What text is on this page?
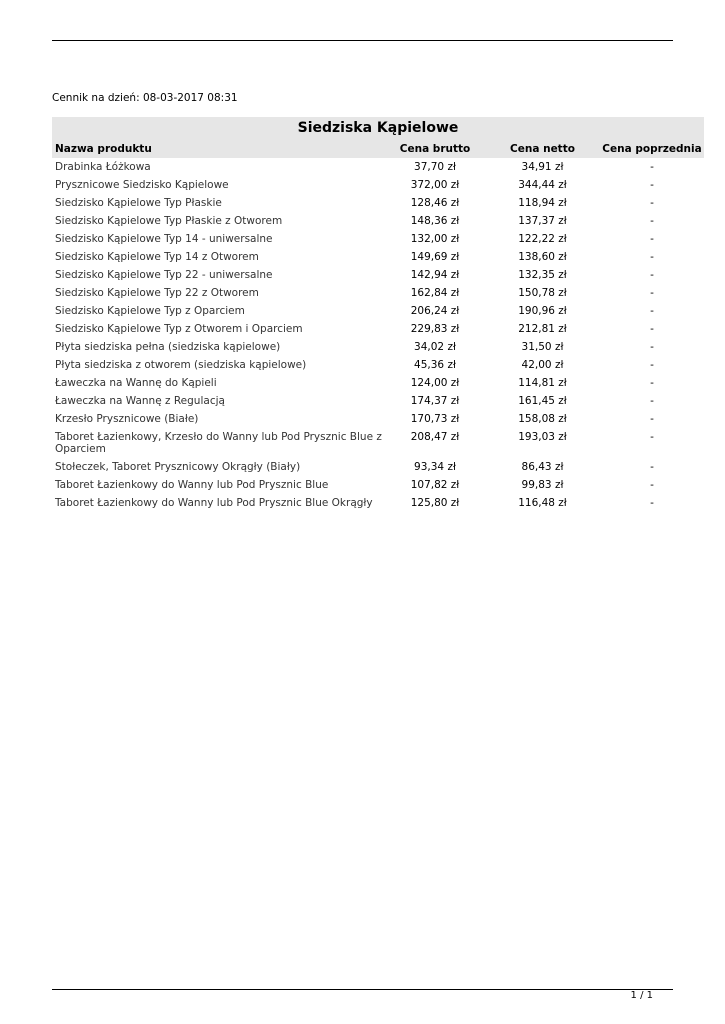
Cennik na dzień: 08-03-2017 08:31
Siedziska Kąpielowe
Nazwa produktu	Cena brutto	Cena netto	Cena poprzednia
Drabinka Łóżkowa	37,70 zł	34,91 zł	-
Prysznicowe Siedzisko Kąpielowe	372,00 zł	344,44 zł	-
Siedzisko Kąpielowe Typ Płaskie	128,46 zł	118,94 zł	-
Siedzisko Kąpielowe Typ Płaskie z Otworem	148,36 zł	137,37 zł	-
Siedzisko Kąpielowe Typ 14 - uniwersalne	132,00 zł	122,22 zł	-
Siedzisko Kąpielowe Typ 14 z Otworem	149,69 zł	138,60 zł	-
Siedzisko Kąpielowe Typ 22 - uniwersalne	142,94 zł	132,35 zł	-
Siedzisko Kąpielowe Typ 22 z Otworem	162,84 zł	150,78 zł	-
Siedzisko Kąpielowe Typ z Oparciem	206,24 zł	190,96 zł	-
Siedzisko Kąpielowe Typ z Otworem i Oparciem	229,83 zł	212,81 zł	-
Płyta siedziska pełna (siedziska kąpielowe)	34,02 zł	31,50 zł	-
Płyta siedziska z otworem (siedziska kąpielowe)	45,36 zł	42,00 zł	-
Ławeczka na Wannę do Kąpieli	124,00 zł	114,81 zł	-
Ławeczka na Wannę z Regulacją	174,37 zł	161,45 zł	-
Krzesło Prysznicowe (Białe)	170,73 zł	158,08 zł	-
Taboret Łazienkowy, Krzesło do Wanny lub Pod Prysznic Blue z Oparciem
208,47 zł	193,03 zł	-
Stołeczek, Taboret Prysznicowy Okrągły (Biały)	93,34 zł	86,43 zł	-
Taboret Łazienkowy do Wanny lub Pod Prysznic Blue	107,82 zł	99,83 zł	-
Taboret Łazienkowy do Wanny lub Pod Prysznic Blue Okrągły	125,80 zł	116,48 zł	-
1 / 1
